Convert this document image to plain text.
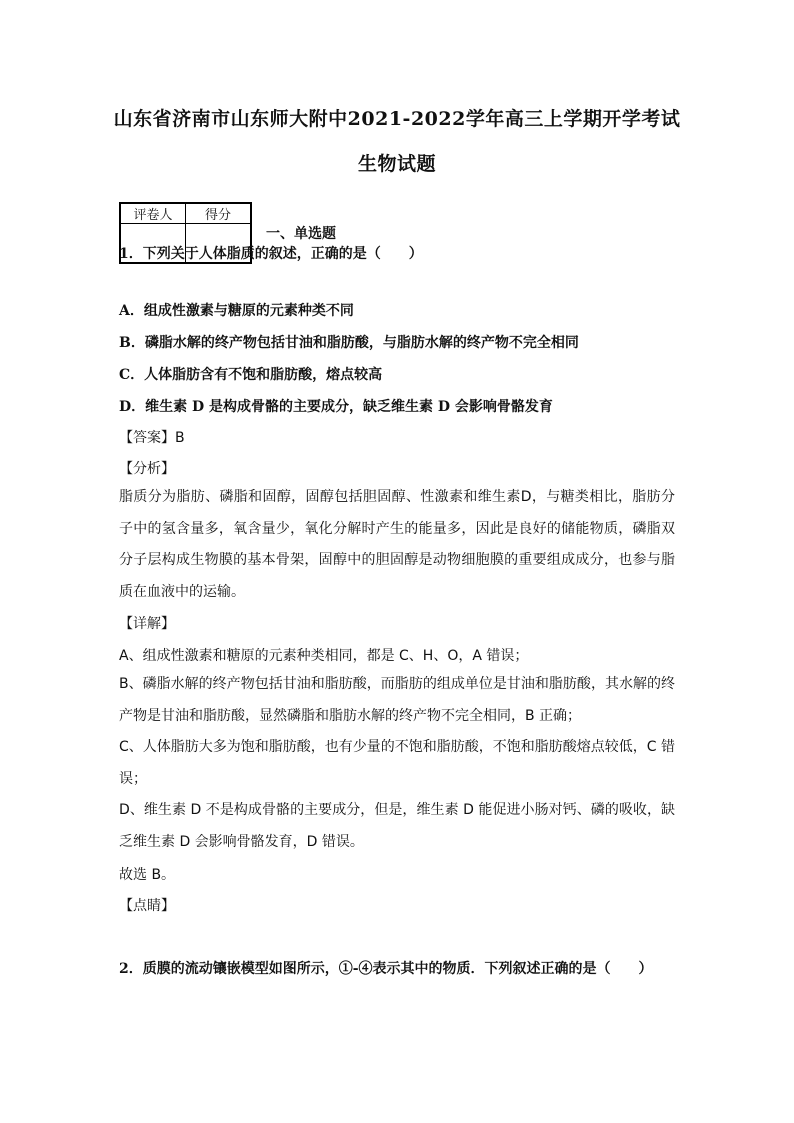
山东省济南市山东师大附中2021-2022学年高三上学期开学考试
生物试题
评卷人	得分

一、单选题
1．下列关于人体脂质的叙述，正确的是（　　）
A．组成性激素与糖原的元素种类不同
B．磷脂水解的终产物包括甘油和脂肪酸，与脂肪水解的终产物不完全相同
C．人体脂肪含有不饱和脂肪酸，熔点较高
D．维生素 D 是构成骨骼的主要成分，缺乏维生素 D 会影响骨骼发育
【答案】B
【分析】
脂质分为脂肪、磷脂和固醇，固醇包括胆固醇、性激素和维生素D，与糖类相比，脂肪分子中的氢含量多，氧含量少，氧化分解时产生的能量多，因此是良好的储能物质，磷脂双分子层构成生物膜的基本骨架，固醇中的胆固醇是动物细胞膜的重要组成成分，也参与脂质在血液中的运输。
【详解】
A、组成性激素和糖原的元素种类相同，都是 C、H、O，A 错误；
B、磷脂水解的终产物包括甘油和脂肪酸，而脂肪的组成单位是甘油和脂肪酸，其水解的终产物是甘油和脂肪酸，显然磷脂和脂肪水解的终产物不完全相同，B 正确；
C、人体脂肪大多为饱和脂肪酸，也有少量的不饱和脂肪酸，不饱和脂肪酸熔点较低，C 错误；
D、维生素 D 不是构成骨骼的主要成分，但是，维生素 D 能促进小肠对钙、磷的吸收，缺乏维生素 D 会影响骨骼发育，D 错误。
故选 B。
【点睛】
2．质膜的流动镶嵌模型如图所示，①-④表示其中的物质．下列叙述正确的是（　　）
